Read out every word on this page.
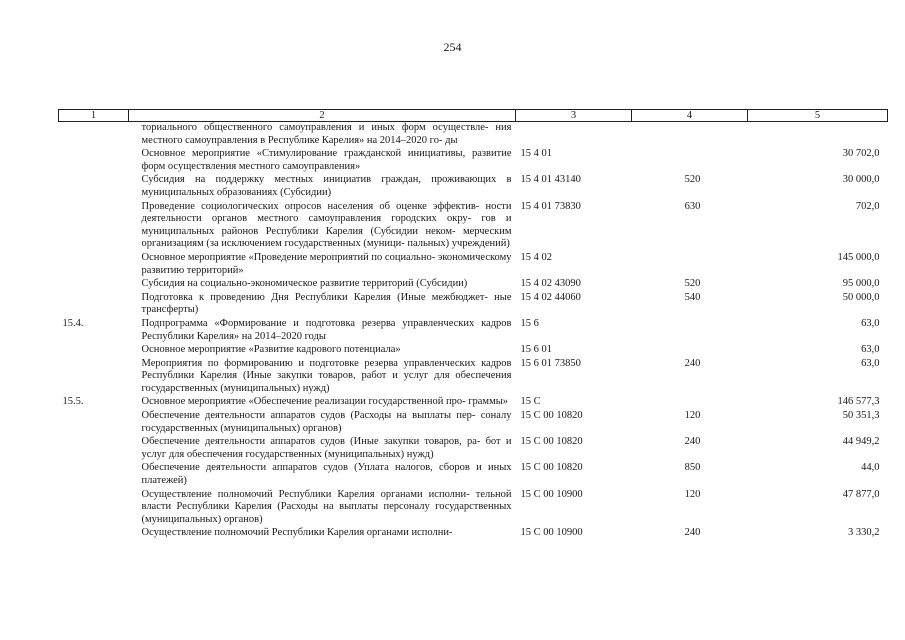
254
1	2	3	4	5
	ториального общественного самоуправления и иных форм осуществле- ния местного самоуправления в Республике Карелия» на 2014–2020 го- ды			
	Основное мероприятие «Стимулирование гражданской инициативы, развитие форм осуществления местного самоуправления»	15 4 01		30 702,0
	Субсидия на поддержку местных инициатив граждан, проживающих в муниципальных образованиях (Субсидии)	15 4 01 43140	520	30 000,0
	Проведение социологических опросов населения об оценке эффектив- ности деятельности органов местного самоуправления городских окру- гов и муниципальных районов Республики Карелия (Субсидии неком- мерческим организациям (за исключением государственных (муници- пальных) учреждений)	15 4 01 73830	630	702,0
	Основное мероприятие «Проведение мероприятий по социально- экономическому развитию территорий»	15 4 02		145 000,0
	Субсидия на социально-экономическое развитие территорий (Субсидии)	15 4 02 43090	520	95 000,0
	Подготовка к проведению Дня Республики Карелия (Иные межбюджет- ные трансферты)	15 4 02 44060	540	50 000,0
15.4.	Подпрограмма «Формирование и подготовка резерва управленческих кадров Республики Карелия» на 2014–2020 годы	15 6		63,0
	Основное мероприятие «Развитие кадрового потенциала»	15 6 01		63,0
	Мероприятия по формированию и подготовке резерва управленческих кадров Республики Карелия (Иные закупки товаров, работ и услуг для обеспечения государственных (муниципальных) нужд)	15 6 01 73850	240	63,0
15.5.	Основное мероприятие «Обеспечение реализации государственной про- граммы»	15 С		146 577,3
	Обеспечение деятельности аппаратов судов (Расходы на выплаты пер- соналу государственных (муниципальных) органов)	15 С 00 10820	120	50 351,3
	Обеспечение деятельности аппаратов судов (Иные закупки товаров, ра- бот и услуг для обеспечения государственных (муниципальных) нужд)	15 С 00 10820	240	44 949,2
	Обеспечение деятельности аппаратов судов (Уплата налогов, сборов и иных платежей)	15 С 00 10820	850	44,0
	Осуществление полномочий Республики Карелия органами исполни- тельной власти Республики Карелия (Расходы на выплаты персоналу государственных (муниципальных) органов)	15 С 00 10900	120	47 877,0
	Осуществление полномочий Республики Карелия органами исполни-	15 С 00 10900	240	3 330,2
